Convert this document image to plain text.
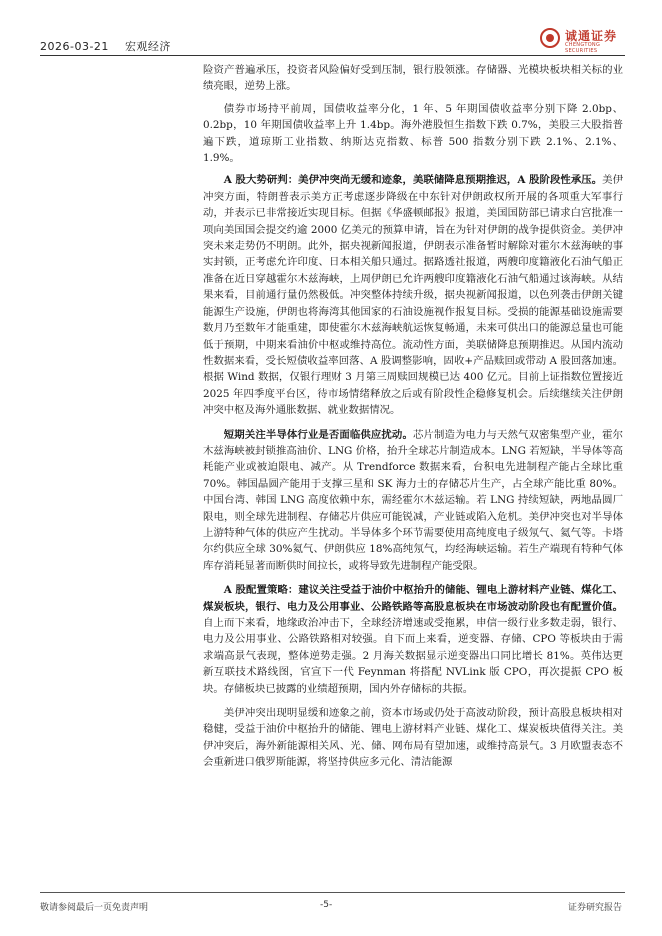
2026-03-21 宏观经济
诚通证券
CHENGTONG SECURITIES

险资产普遍承压，投资者风险偏好受到压制，银行股领涨。存储器、光模块板块相关标的业绩亮眼，逆势上涨。

债券市场持平前周，国债收益率分化，1 年、5 年期国债收益率分别下降 2.0bp、0.2bp，10 年期国债收益率上升 1.4bp。海外港股恒生指数下跌 0.7%，美股三大股指普遍下跌，道琼斯工业指数、纳斯达克指数、标普 500 指数分别下跌 2.1%、2.1%、1.9%。

A 股大势研判：美伊冲突尚无缓和迹象，美联储降息预期推迟，A 股阶段性承压。美伊冲突方面，特朗普表示美方正考虑逐步降级在中东针对伊朗政权所开展的各项重大军事行动，并表示已非常接近实现目标。但据《华盛顿邮报》报道，美国国防部已请求白宫批准一项向美国国会提交约逾 2000 亿美元的预算申请，旨在为针对伊朗的战争提供资金。美伊冲突未来走势仍不明朗。此外，据央视新闻报道，伊朗表示准备暂时解除对霍尔木兹海峡的事实封锁，正考虑允许印度、日本相关船只通过。据路透社报道，两艘印度籍液化石油气船正准备在近日穿越霍尔木兹海峡，上周伊朗已允许两艘印度籍液化石油气船通过该海峡。从结果来看，目前通行量仍然极低。冲突整体持续升级，据央视新闻报道，以色列袭击伊朗关键能源生产设施，伊朗也将海湾其他国家的石油设施视作报复目标。受损的能源基础设施需要数月乃至数年才能重建，即使霍尔木兹海峡航运恢复畅通，未来可供出口的能源总量也可能低于预期，中期来看油价中枢或维持高位。流动性方面，美联储降息预期推迟。从国内流动性数据来看，受长短债收益率回落、A 股调整影响，固收+产品赎回或带动 A 股回落加速。根据 Wind 数据，仅银行理财 3 月第三周赎回规模已达 400 亿元。目前上证指数位置接近 2025 年四季度平台区，待市场情绪释放之后或有阶段性企稳修复机会。后续继续关注伊朗冲突中枢及海外通胀数据、就业数据情况。

短期关注半导体行业是否面临供应扰动。芯片制造为电力与天然气双密集型产业，霍尔木兹海峡被封锁推高油价、LNG 价格，抬升全球芯片制造成本。LNG 若短缺，半导体等高耗能产业或被迫限电、减产。从 Trendforce 数据来看，台积电先进制程产能占全球比重 70%。韩国晶圆产能用于支撑三星和 SK 海力士的存储芯片生产，占全球产能比重 80%。中国台湾、韩国 LNG 高度依赖中东，需经霍尔木兹运输。若 LNG 持续短缺，两地晶圆厂限电，则全球先进制程、存储芯片供应可能锐减，产业链或陷入危机。美伊冲突也对半导体上游特种气体的供应产生扰动。半导体多个环节需要使用高纯度电子级氖气、氦气等。卡塔尔约供应全球 30%氦气、伊朗供应 18%高纯氖气，均经海峡运输。若生产端现有特种气体库存消耗显著而断供时间拉长，或将导致先进制程产能受限。

A 股配置策略：建议关注受益于油价中枢抬升的储能、锂电上游材料产业链、煤化工、煤炭板块，银行、电力及公用事业、公路铁路等高股息板块在市场波动阶段也有配置价值。自上而下来看，地缘政治冲击下，全球经济增速或受拖累，申信一级行业多数走弱，银行、电力及公用事业、公路铁路相对较强。自下而上来看，逆变器、存储、CPO 等板块由于需求端高景气表现，整体逆势走强。2 月海关数据显示逆变器出口同比增长 81%。英伟达更新互联技术路线图，官宣下一代 Feynman 将搭配 NVLink 版 CPO，再次提振 CPO 板块。存储板块已披露的业绩超预期，国内外存储标的共振。

美伊冲突出现明显缓和迹象之前，资本市场或仍处于高波动阶段，预计高股息板块相对稳健，受益于油价中枢抬升的储能、锂电上游材料产业链、煤化工、煤炭板块值得关注。美伊冲突后，海外新能源相关风、光、储、网布局有望加速，或维持高景气。3 月欧盟表态不会重新进口俄罗斯能源，将坚持供应多元化、清洁能源

敬请参阅最后一页免责声明	-5-	证券研究报告
